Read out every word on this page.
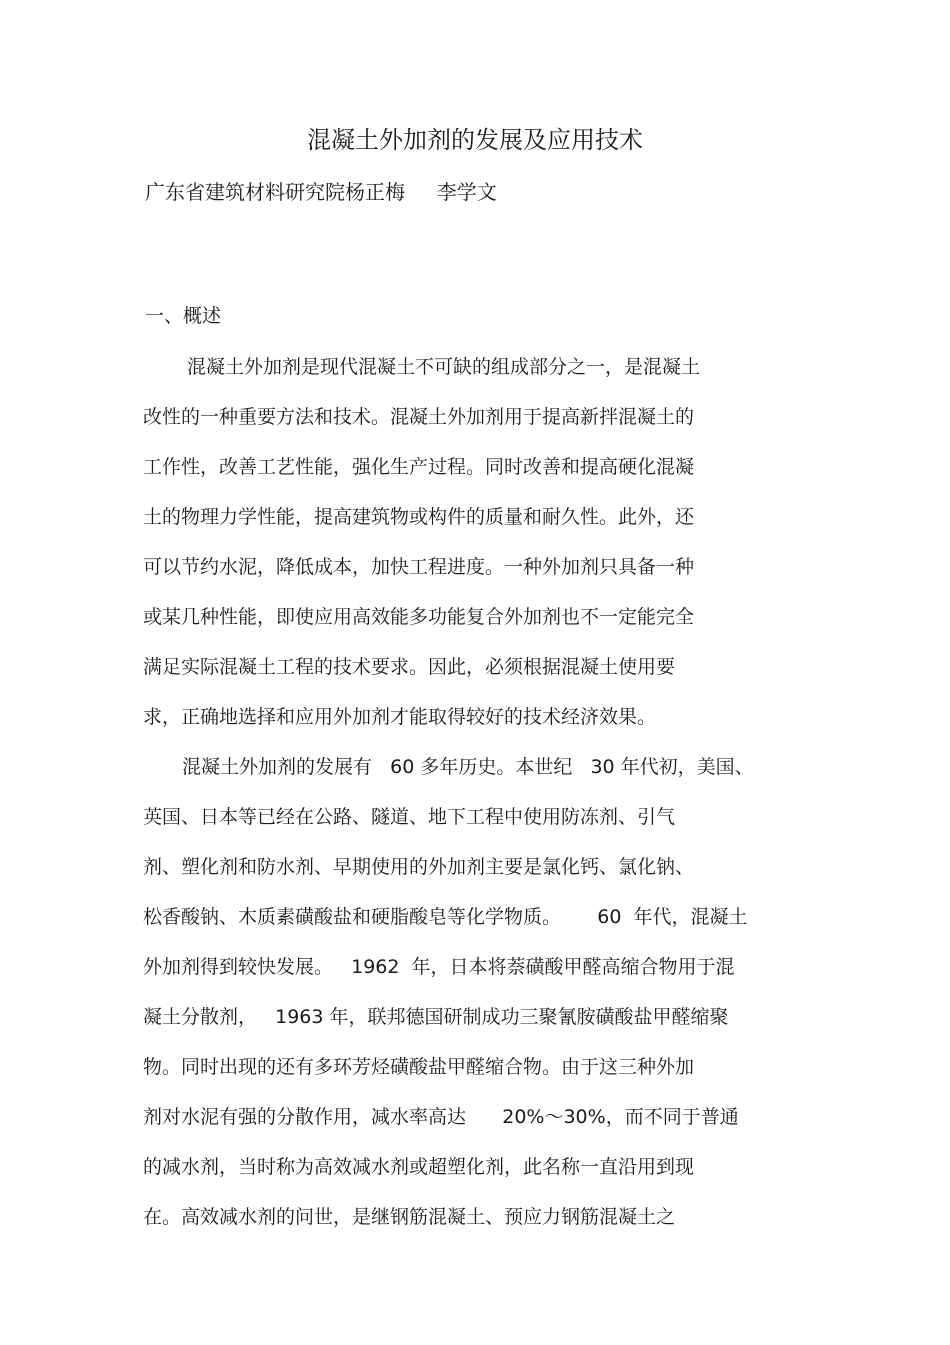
混凝土外加剂的发展及应用技术
广东省建筑材料研究院杨正梅     李学文
一、概述
混凝土外加剂是现代混凝土不可缺的组成部分之一，是混凝土
改性的一种重要方法和技术。混凝土外加剂用于提高新拌混凝土的
工作性，改善工艺性能，强化生产过程。同时改善和提高硬化混凝
土的物理力学性能，提高建筑物或构件的质量和耐久性。此外，还
可以节约水泥，降低成本，加快工程进度。一种外加剂只具备一种
或某几种性能，即使应用高效能多功能复合外加剂也不一定能完全
满足实际混凝土工程的技术要求。因此，必须根据混凝土使用要
求，正确地选择和应用外加剂才能取得较好的技术经济效果。
混凝土外加剂的发展有   60 多年历史。本世纪   30 年代初，美国、
英国、日本等已经在公路、隧道、地下工程中使用防冻剂、引气
剂、塑化剂和防水剂、早期使用的外加剂主要是氯化钙、氯化钠、
松香酸钠、木质素磺酸盐和硬脂酸皂等化学物质。      60  年代，混凝土
外加剂得到较快发展。   1962  年，日本将萘磺酸甲醛高缩合物用于混
凝土分散剂，   1963 年，联邦德国研制成功三聚氰胺磺酸盐甲醛缩聚
物。同时出现的还有多环芳烃磺酸盐甲醛缩合物。由于这三种外加
剂对水泥有强的分散作用，减水率高达      20%～30%，而不同于普通
的减水剂，当时称为高效减水剂或超塑化剂，此名称一直沿用到现
在。高效减水剂的问世，是继钢筋混凝土、预应力钢筋混凝土之
